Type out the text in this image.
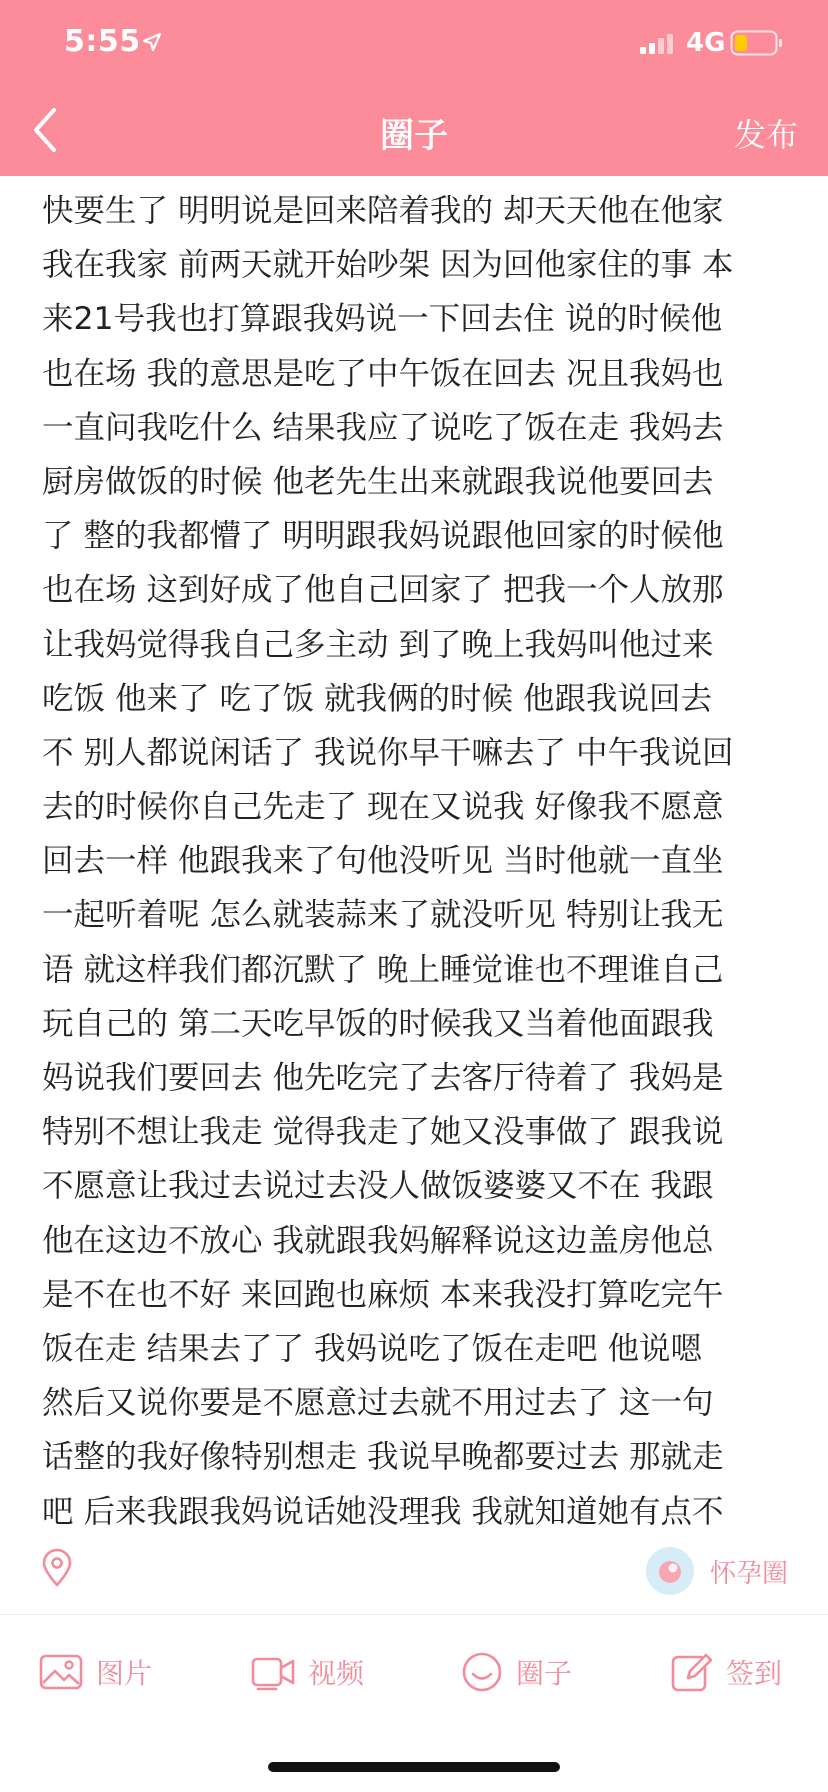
5:55	4G
圈子	发布
快要生了 明明说是回来陪着我的 却天天他在他家
我在我家 前两天就开始吵架 因为回他家住的事 本
来21号我也打算跟我妈说一下回去住 说的时候他
也在场 我的意思是吃了中午饭在回去 况且我妈也
一直问我吃什么 结果我应了说吃了饭在走 我妈去
厨房做饭的时候 他老先生出来就跟我说他要回去
了 整的我都懵了 明明跟我妈说跟他回家的时候他
也在场 这到好成了他自己回家了 把我一个人放那
让我妈觉得我自己多主动 到了晚上我妈叫他过来
吃饭 他来了 吃了饭 就我俩的时候 他跟我说回去
不 别人都说闲话了 我说你早干嘛去了 中午我说回
去的时候你自己先走了 现在又说我 好像我不愿意
回去一样 他跟我来了句他没听见 当时他就一直坐
一起听着呢 怎么就装蒜来了就没听见 特别让我无
语 就这样我们都沉默了 晚上睡觉谁也不理谁自己
玩自己的 第二天吃早饭的时候我又当着他面跟我
妈说我们要回去 他先吃完了去客厅待着了 我妈是
特别不想让我走 觉得我走了她又没事做了 跟我说
不愿意让我过去说过去没人做饭婆婆又不在 我跟
他在这边不放心 我就跟我妈解释说这边盖房他总
是不在也不好 来回跑也麻烦 本来我没打算吃完午
饭在走 结果去了了 我妈说吃了饭在走吧 他说嗯
然后又说你要是不愿意过去就不用过去了 这一句
话整的我好像特别想走 我说早晚都要过去 那就走
吧 后来我跟我妈说话她没理我 我就知道她有点不
怀孕圈
图片	视频	圈子	签到
